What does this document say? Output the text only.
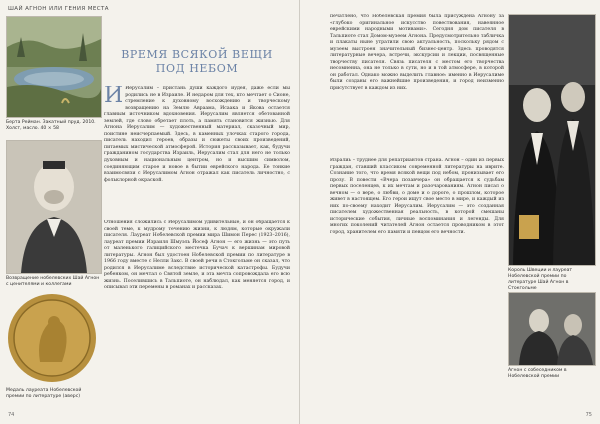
ШАЙ АГНОН ИЛИ ГЕНИЯ МЕСТА
Берта Рейман. Закатный пруд. 2010. Холст, масло. 40 × 58
Возвращение нобелевских Шай Агнон с ценителями и коллегами
Медаль лауреата Нобелевской премии по литературе (аверс)
ВРЕМЯ ВСЯКОЙ ВЕЩИ
ПОД НЕБОМ

И Иерусалим – пристань души каждого иудея, даже если мы родились не в Израиле. И недаром для тех, кто мечтает о Сионе, стремление к духовному восхождению и творческому возвращению на Землю Авраама, Исаака и Якова остается главным источником вдохновения. Иерусалим является обетованной землей, где слово обретает плоть, а память становится жизнью. Для Агнона Иерусалим — художественный материал, сказочный мир, поистине неисчерпаемый. Здесь, в каменных улочках старого города, писатель находил героев, образы и сюжеты своих произведений, питаемых мистической атмосферой. История рассказывает, как, будучи гражданином государства Израиль, Иерусалим стал для него не только духовным и национальным центром, но и высшим символом, соединяющим старое и новое в бытии еврейского народа. Ее тонкие взаимосвязи с Иерусалимом Агнон отражал как писатель личностно, с фольклорной окраской.

Отношения сложились с Иерусалимом удивительные, и он обращается к своей теме, к мудрому течению жизни, к людям, которые окружали писателя. Лауреат Нобелевской премии мира Шимон Перес (1923–2016), лауреат премии Израиля Шмуэль Йосеф Агнон — его жизнь — это путь от маленького галицийского местечка Бучач к вершинам мировой литературы. Агнон был удостоен Нобелевской премии по литературе в 1966 году вместе с Нелли Закс. В своей речи в Стокгольме он сказал, что родился в Иерусалиме вследствие исторической катастрофы. Будучи ребенком, он мечтал о Святой земле, и эта мечта сопровождала его всю жизнь. Поселившись в Тальпиоте, он наблюдал, как меняется город, и описывал эти перемены в романах и рассказах.

74

печатлено, что Нобелевская премия была присуждена Агнону за «глубоко оригинальное искусство повествования, навеянное еврейскими народными мотивами». Сегодня дом писателя в Тальпиоте стал Домом-музеем Агнона. Предусмотрительно табличка и плакаты ныне утратили свою актуальность, поскольку рядом с музеем выстроен значительный бизнес-центр. Здесь проводятся литературные вечера, встречи, экскурсии и лекции, посвященные творчеству писателя. Связь писателя с местом его творчества несомненна, она не только в сути, но и в той атмосфере, в которой он работал. Однако можно выделить главное: именно в Иерусалиме были созданы его важнейшие произведения, и город неизменно присутствует в каждом из них.

Изралиь – труднее для репатриантов страна. Агнон – один из первых граждан, ставший классиком современной литературы на иврите. Сознание того, что время всякой вещи под небом, пронизывает его прозу. В повести «Вчера позавчера» он обращается к судьбам первых поселенцев, к их мечтам и разочарованиям. Агнон писал о вечном — о вере, о любви, о доме и о дороге, о прошлом, которое живет в настоящем. Его герои ищут свое место в мире, и каждый из них по-своему находит Иерусалим. Иерусалим — это созданная писателем художественная реальность, в которой смешаны исторические события, личные воспоминания и легенды. Для многих поколений читателей Агнон остается проводником в этот город, хранителем его памяти и певцом его вечности.

Король Швеции и лауреат Нобелевской премии по литературе Шай Агнон в Стокгольме
Агнон с собеседником в Нобелевской премии
75
